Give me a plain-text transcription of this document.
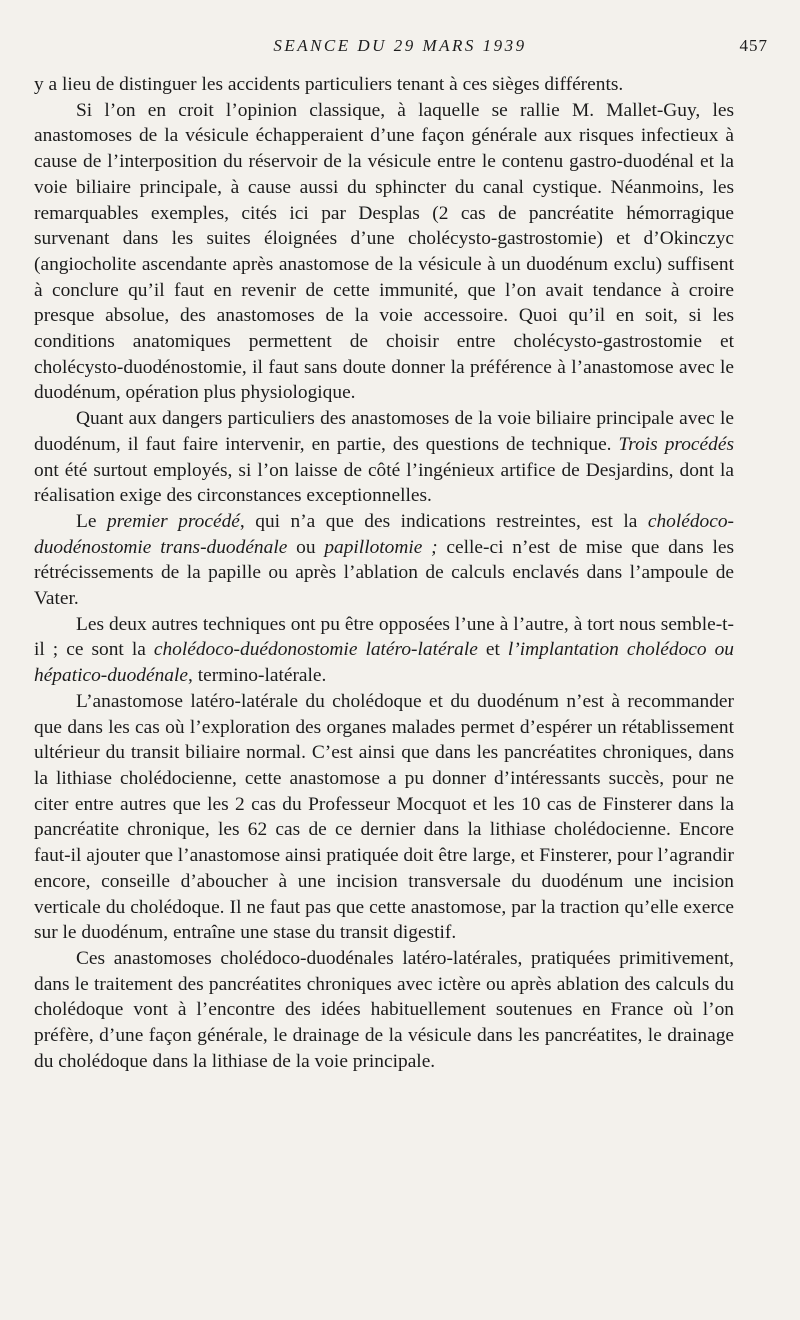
SEANCE DU 29 MARS 1939	457

y a lieu de distinguer les accidents particuliers tenant à ces sièges différents.

Si l’on en croit l’opinion classique, à laquelle se rallie M. Mallet-Guy, les anastomoses de la vésicule échapperaient d’une façon générale aux risques infectieux à cause de l’interposition du réservoir de la vésicule entre le contenu gastro-duodénal et la voie biliaire principale, à cause aussi du sphincter du canal cystique. Néanmoins, les remarquables exemples, cités ici par Desplas (2 cas de pancréatite hémorragique survenant dans les suites éloignées d’une cholécysto-gastrostomie) et d’Okinczyc (angiocholite ascendante après anastomose de la vésicule à un duodénum exclu) suffisent à conclure qu’il faut en revenir de cette immunité, que l’on avait tendance à croire presque absolue, des anastomoses de la voie accessoire. Quoi qu’il en soit, si les conditions anatomiques permettent de choisir entre cholécysto-gastrostomie et cholécysto-duodénostomie, il faut sans doute donner la préférence à l’anastomose avec le duodénum, opération plus physiologique.

Quant aux dangers particuliers des anastomoses de la voie biliaire principale avec le duodénum, il faut faire intervenir, en partie, des questions de technique. Trois procédés ont été surtout employés, si l’on laisse de côté l’ingénieux artifice de Desjardins, dont la réalisation exige des circonstances exceptionnelles.

Le premier procédé, qui n’a que des indications restreintes, est la cholédoco-duodénostomie trans-duodénale ou papillotomie ; celle-ci n’est de mise que dans les rétrécissements de la papille ou après l’ablation de calculs enclavés dans l’ampoule de Vater.

Les deux autres techniques ont pu être opposées l’une à l’autre, à tort nous semble-t-il ; ce sont la cholédoco-duédonostomie latéro-latérale et l’implantation cholédoco ou hépatico-duodénale, termino-latérale.

L’anastomose latéro-latérale du cholédoque et du duodénum n’est à recommander que dans les cas où l’exploration des organes malades permet d’espérer un rétablissement ultérieur du transit biliaire normal. C’est ainsi que dans les pancréatites chroniques, dans la lithiase cholédocienne, cette anastomose a pu donner d’intéressants succès, pour ne citer entre autres que les 2 cas du Professeur Mocquot et les 10 cas de Finsterer dans la pancréatite chronique, les 62 cas de ce dernier dans la lithiase cholédocienne. Encore faut-il ajouter que l’anastomose ainsi pratiquée doit être large, et Finsterer, pour l’agrandir encore, conseille d’aboucher à une incision transversale du duodénum une incision verticale du cholédoque. Il ne faut pas que cette anastomose, par la traction qu’elle exerce sur le duodénum, entraîne une stase du transit digestif.

Ces anastomoses cholédoco-duodénales latéro-latérales, pratiquées primitivement, dans le traitement des pancréatites chroniques avec ictère ou après ablation des calculs du cholédoque vont à l’encontre des idées habituellement soutenues en France où l’on préfère, d’une façon générale, le drainage de la vésicule dans les pancréatites, le drainage du cholédoque dans la lithiase de la voie principale.
